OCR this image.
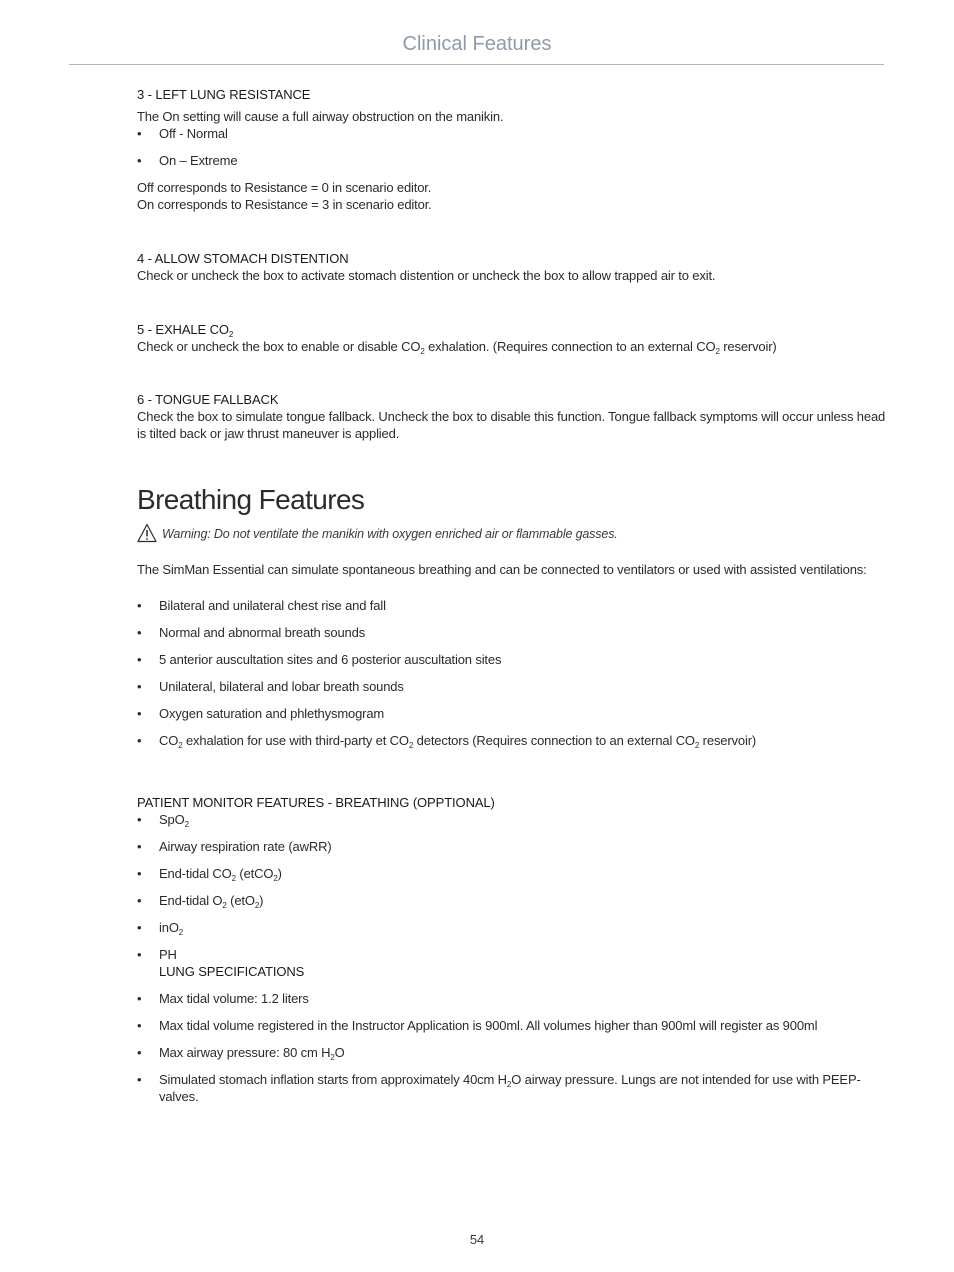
Clinical Features
3 - LEFT LUNG RESISTANCE

The On setting will cause a full airway obstruction on the manikin.

• Off - Normal
• On – Extreme

Off corresponds to Resistance = 0 in scenario editor.

On corresponds to Resistance = 3 in scenario editor.

4 - ALLOW STOMACH DISTENTION

Check or uncheck the box to activate stomach distention or uncheck the box to allow trapped air to exit.

5 - EXHALE $CO_2$

Check or uncheck the box to enable or disable $CO_2$ exhalation. (Requires connection to an external $CO_2$ reservoir)

6 - TONGUE FALLBACK

Check the box to simulate tongue fallback. Uncheck the box to disable this function. Tongue fallback symptoms will occur unless head is tilted back or jaw thrust maneuver is applied.

Breathing Features
Warning: Do not ventilate the manikin with oxygen enriched air or flammable gasses.

The SimMan Essential can simulate spontaneous breathing and can be connected to ventilators or used with assisted ventilations:

• Bilateral and unilateral chest rise and fall
• Normal and abnormal breath sounds
• 5 anterior auscultation sites and 6 posterior auscultation sites
• Unilateral, bilateral and lobar breath sounds
• Oxygen saturation and phlethysmogram
• $CO_2$ exhalation for use with third-party et $CO_2$ detectors (Requires connection to an external $CO_2$ reservoir)
PATIENT MONITOR FEATURES - BREATHING (OPPTIONAL)
• SpO$_2$
• Airway respiration rate (awRR)
• End-tidal $CO_2$ (etCO$_2$)
• End-tidal $O_2$ (etO$_2$)
• inO$_2$
• PH
LUNG SPECIFICATIONS
• Max tidal volume: 1.2 liters
• Max tidal volume registered in the Instructor Application is 900ml. All volumes higher than 900ml will register as 900ml
• Max airway pressure: 80 cm $H_2O$
• Simulated stomach inflation starts from approximately 40cm $H_2O$ airway pressure. Lungs are not intended for use with PEEP-valves.
54
